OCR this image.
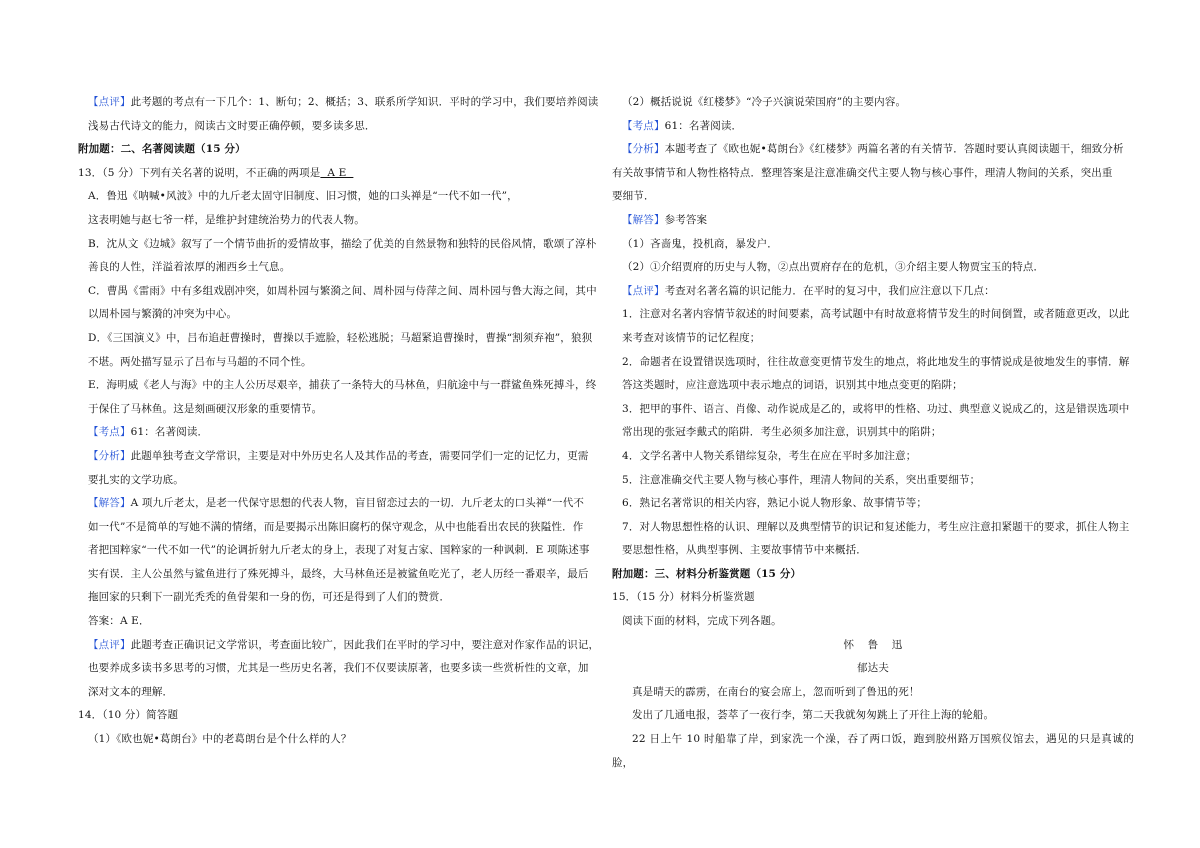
【点评】此考题的考点有一下几个：1、断句；2、概括；3、联系所学知识．平时的学习中，我们要培养阅读

浅易古代诗文的能力，阅读古文时要正确停顿，要多读多思．

附加题：二、名著阅读题（15 分）

13．（5 分）下列有关名著的说明，不正确的两项是  A E

A．鲁迅《呐喊•风波》中的九斤老太固守旧制度、旧习惯，她的口头禅是“一代不如一代”，

这表明她与赵七爷一样，是维护封建统治势力的代表人物。

B．沈从文《边城》叙写了一个情节曲折的爱情故事，描绘了优美的自然景物和独特的民俗风情，歌颂了淳朴

善良的人性，洋溢着浓厚的湘西乡土气息。

C．曹禺《雷雨》中有多组戏剧冲突，如周朴园与繁漪之间、周朴园与侍萍之间、周朴园与鲁大海之间，其中

以周朴园与繁漪的冲突为中心。

D．《三国演义》中，吕布追赶曹操时，曹操以手遮脸，轻松逃脱；马超紧追曹操时，曹操“割须弃袍”，狼狈

不堪。两处描写显示了吕布与马超的不同个性。

E．海明威《老人与海》中的主人公历尽艰辛，捕获了一条特大的马林鱼，归航途中与一群鲨鱼殊死搏斗，终

于保住了马林鱼。这是刻画硬汉形象的重要情节。

【考点】61：名著阅读．

【分析】此题单独考查文学常识，主要是对中外历史名人及其作品的考查，需要同学们一定的记忆力，更需

要扎实的文学功底。

【解答】A 项九斤老太，是老一代保守思想的代表人物，盲目留恋过去的一切．九斤老太的口头禅“一代不

如一代”不是简单的写她不满的情绪，而是要揭示出陈旧腐朽的保守观念，从中也能看出农民的狭隘性．作

者把国粹家“一代不如一代”的论调折射九斤老太的身上，表现了对复古家、国粹家的一种讽刺．E 项陈述事

实有误．主人公虽然与鲨鱼进行了殊死搏斗，最终，大马林鱼还是被鲨鱼吃光了，老人历经一番艰辛，最后

拖回家的只剩下一副光秃秃的鱼骨架和一身的伤，可还是得到了人们的赞赏．

答案：A E．

【点评】此题考查正确识记文学常识，考查面比较广，因此我们在平时的学习中，要注意对作家作品的识记，

也要养成多读书多思考的习惯，尤其是一些历史名著，我们不仅要读原著，也要多读一些赏析性的文章，加

深对文本的理解．

14．（10 分）简答题

（1）《欧也妮•葛朗台》中的老葛朗台是个什么样的人？

（2）概括说说《红楼梦》“冷子兴演说荣国府”的主要内容。

【考点】61：名著阅读．

【分析】本题考查了《欧也妮•葛朗台》《红楼梦》两篇名著的有关情节．答题时要认真阅读题干，细致分析

有关故事情节和人物性格特点．整理答案是注意准确交代主要人物与核心事件，理清人物间的关系，突出重

要细节．

【解答】参考答案

（1）吝啬鬼，投机商，暴发户．

（2）①介绍贾府的历史与人物，②点出贾府存在的危机，③介绍主要人物贾宝玉的特点．

【点评】考查对名著名篇的识记能力．在平时的复习中，我们应注意以下几点：

1．注意对名著内容情节叙述的时间要素，高考试题中有时故意将情节发生的时间倒置，或者随意更改，以此

来考查对该情节的记忆程度；

2．命题者在设置错误选项时，往往故意变更情节发生的地点，将此地发生的事情说成是彼地发生的事情．解

答这类题时，应注意选项中表示地点的词语，识别其中地点变更的陷阱；

3．把甲的事件、语言、肖像、动作说成是乙的，或将甲的性格、功过、典型意义说成乙的，这是错误选项中

常出现的张冠李戴式的陷阱．考生必须多加注意，识别其中的陷阱；

4．文学名著中人物关系错综复杂，考生在应在平时多加注意；

5．注意准确交代主要人物与核心事件，理清人物间的关系，突出重要细节；

6．熟记名著常识的相关内容，熟记小说人物形象、故事情节等；

7．对人物思想性格的认识、理解以及典型情节的识记和复述能力，考生应注意扣紧题干的要求，抓住人物主

要思想性格，从典型事例、主要故事情节中来概括．

附加题：三、材料分析鉴赏题（15 分）

15．（15 分）材料分析鉴赏题

阅读下面的材料，完成下列各题。

怀 鲁 迅

郁达夫

真是晴天的霹雳，在南台的宴会席上，忽而听到了鲁迅的死！

发出了几通电报，荟萃了一夜行李，第二天我就匆匆跳上了开往上海的轮船。

22 日上午 10 时船靠了岸，到家洗一个澡，吞了两口饭，跑到胶州路万国殡仪馆去，遇见的只是真诚的脸，
